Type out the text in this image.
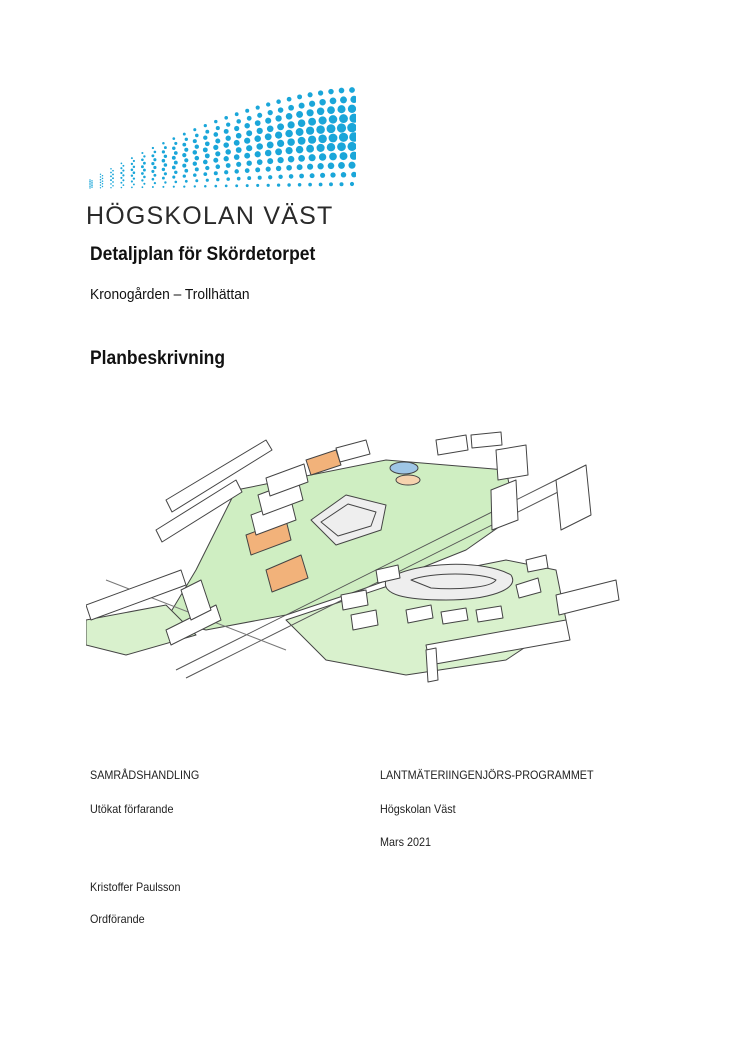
HÖGSKOLAN VÄST
Detaljplan för Skördetorpet
Kronogården – Trollhättan
Planbeskrivning
SAMRÅDSHANDLING
Utökat förfarande
LANTMÄTERIINGENJÖRS-PROGRAMMET
Högskolan Väst
Mars 2021
Kristoffer Paulsson
Ordförande
